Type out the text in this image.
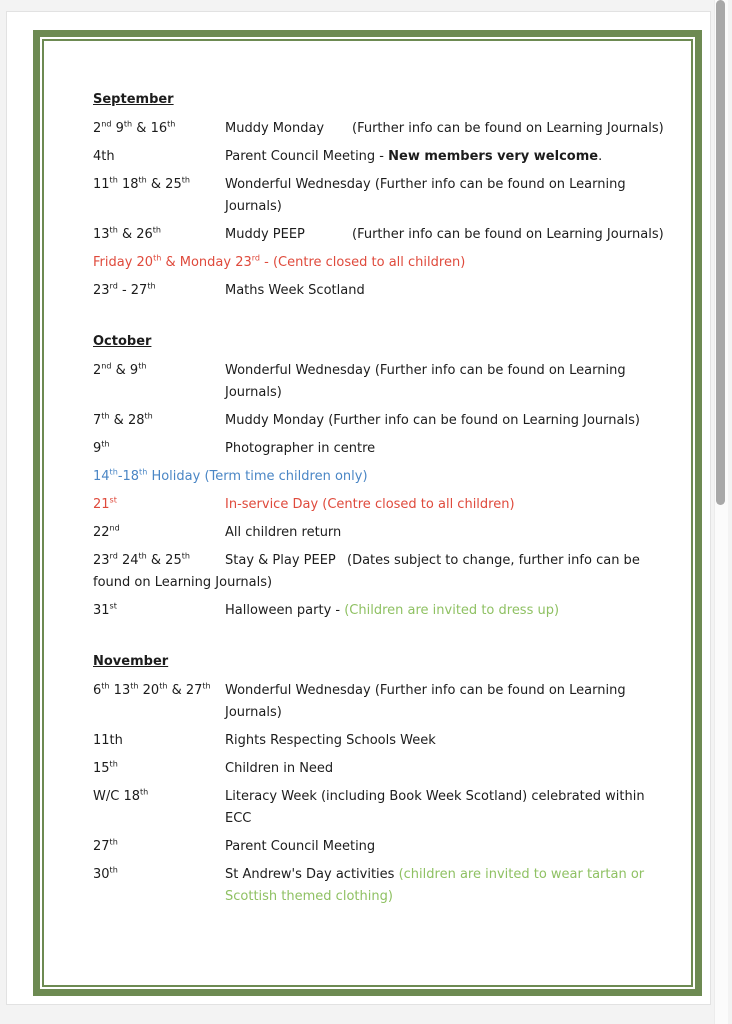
September
2nd 9th & 16th	Muddy Monday (Further info can be found on Learning Journals)
4th	Parent Council Meeting - New members very welcome.
11th 18th & 25th	Wonderful Wednesday (Further info can be found on Learning Journals)
13th & 26th	Muddy PEEP	(Further info can be found on Learning Journals)
Friday 20th & Monday 23rd - (Centre closed to all children)
23rd - 27th	Maths Week Scotland
October
2nd & 9th	Wonderful Wednesday (Further info can be found on Learning Journals)
7th & 28th	Muddy Monday (Further info can be found on Learning Journals)
9th	Photographer in centre
14th-18th Holiday (Term time children only)
21st	In-service Day (Centre closed to all children)
22nd	All children return
23rd 24th & 25th	Stay & Play PEEP (Dates subject to change, further info can be found on Learning Journals)
31st	Halloween party - (Children are invited to dress up)
November
6th 13th 20th & 27th	Wonderful Wednesday (Further info can be found on Learning Journals)
11th	Rights Respecting Schools Week
15th	Children in Need
W/C 18th	Literacy Week (including Book Week Scotland) celebrated within ECC
27th	Parent Council Meeting
30th	St Andrew's Day activities (children are invited to wear tartan or Scottish themed clothing)
